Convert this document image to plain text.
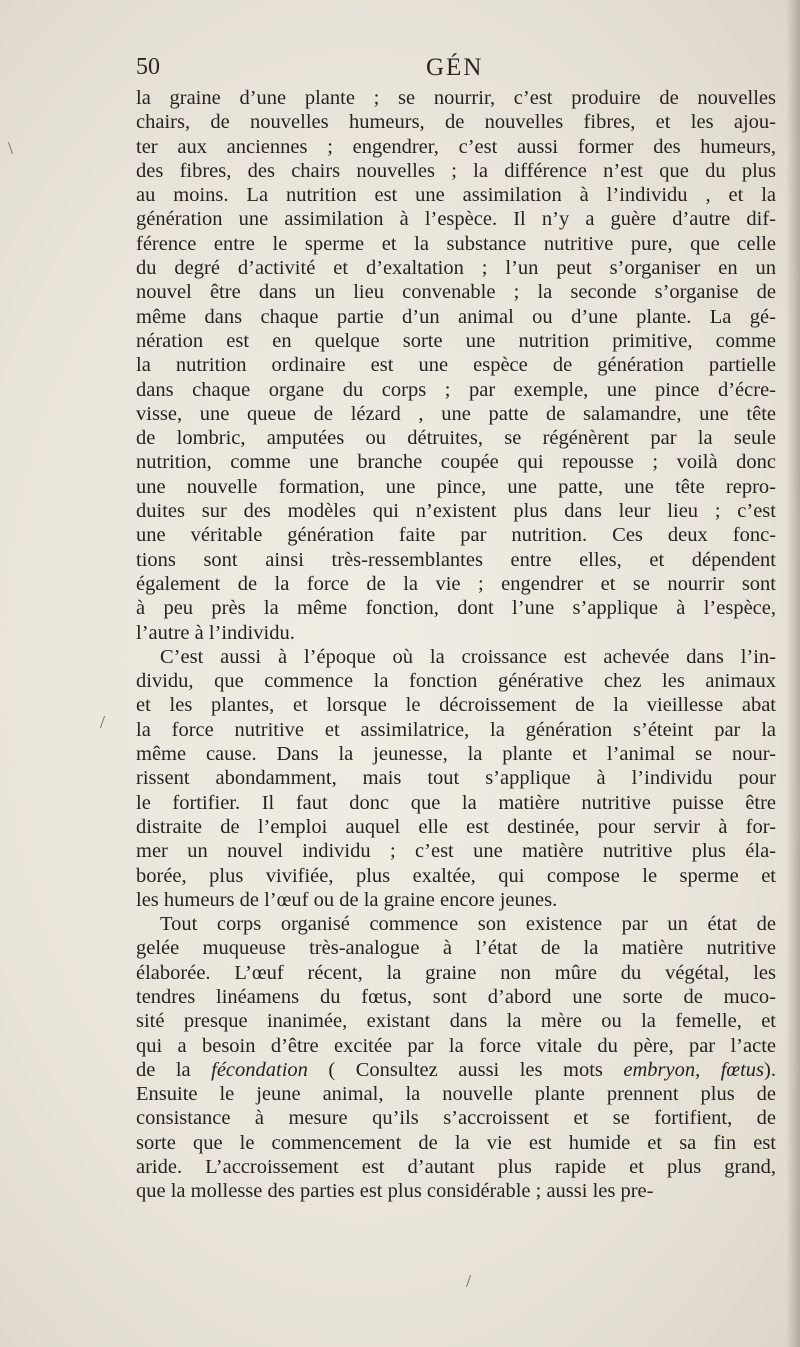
50	GÉN
la graine d’une plante ; se nourrir, c’est produire de nouvelles
chairs, de nouvelles humeurs, de nouvelles fibres, et les ajou-
ter aux anciennes ; engendrer, c’est aussi former des humeurs,
des fibres, des chairs nouvelles ; la différence n’est que du plus
au moins. La nutrition est une assimilation à l’individu , et la
génération une assimilation à l’espèce. Il n’y a guère d’autre dif-
férence entre le sperme et la substance nutritive pure, que celle
du degré d’activité et d’exaltation ; l’un peut s’organiser en un
nouvel être dans un lieu convenable ; la seconde s’organise de
même dans chaque partie d’un animal ou d’une plante. La gé-
nération est en quelque sorte une nutrition primitive, comme
la nutrition ordinaire est une espèce de génération partielle
dans chaque organe du corps ; par exemple, une pince d’écre-
visse, une queue de lézard , une patte de salamandre, une tête
de lombric, amputées ou détruites, se régénèrent par la seule
nutrition, comme une branche coupée qui repousse ; voilà donc
une nouvelle formation, une pince, une patte, une tête repro-
duites sur des modèles qui n’existent plus dans leur lieu ; c’est
une véritable génération faite par nutrition. Ces deux fonc-
tions sont ainsi très-ressemblantes entre elles, et dépendent
également de la force de la vie ; engendrer et se nourrir sont
à peu près la même fonction, dont l’une s’applique à l’espèce,
l’autre à l’individu.
C’est aussi à l’époque où la croissance est achevée dans l’in-
dividu, que commence la fonction générative chez les animaux
et les plantes, et lorsque le décroissement de la vieillesse abat
la force nutritive et assimilatrice, la génération s’éteint par la
même cause. Dans la jeunesse, la plante et l’animal se nour-
rissent abondamment, mais tout s’applique à l’individu pour
le fortifier. Il faut donc que la matière nutritive puisse être
distraite de l’emploi auquel elle est destinée, pour servir à for-
mer un nouvel individu ; c’est une matière nutritive plus éla-
borée, plus vivifiée, plus exaltée, qui compose le sperme et
les humeurs de l’œuf ou de la graine encore jeunes.
Tout corps organisé commence son existence par un état de
gelée muqueuse très-analogue à l’état de la matière nutritive
élaborée. L’œuf récent, la graine non mûre du végétal, les
tendres linéamens du fœtus, sont d’abord une sorte de muco-
sité presque inanimée, existant dans la mère ou la femelle, et
qui a besoin d’être excitée par la force vitale du père, par l’acte
de la fécondation ( Consultez aussi les mots embryon, fœtus).
Ensuite le jeune animal, la nouvelle plante prennent plus de
consistance à mesure qu’ils s’accroissent et se fortifient, de
sorte que le commencement de la vie est humide et sa fin est
aride. L’accroissement est d’autant plus rapide et plus grand,
que la mollesse des parties est plus considérable ; aussi les pre-
\
/
/
